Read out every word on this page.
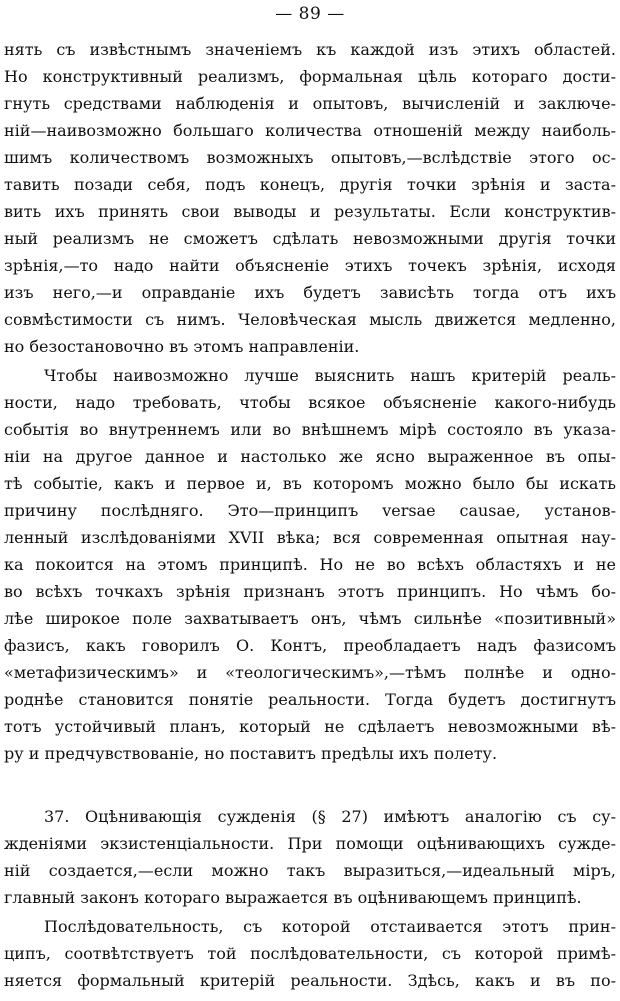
— 89 —
нять съ извѣстнымъ значеніемъ къ каждой изъ этихъ областей.
Но конструктивный реализмъ, формальная цѣль котораго дости-
гнуть средствами наблюденія и опытовъ, вычисленій и заключе-
ній—наивозможно большаго количества отношеній между наиболь-
шимъ количествомъ возможныхъ опытовъ,—вслѣдствіе этого ос-
тавить позади себя, подъ конецъ, другія точки зрѣнія и застa-
вить ихъ принять свои выводы и результаты. Если конструктив-
ный реализмъ не сможетъ сдѣлать невозможными другія точки
зрѣнія,—то надо найти объясненіе этихъ точекъ зрѣнія, исходя
изъ него,—и оправданіе ихъ будетъ зависѣть тогда отъ ихъ
совмѣстимости съ нимъ. Человѣческая мысль движется медленно,
но безостановочно въ этомъ направленіи.
Чтобы наивозможно лучше выяснить нашъ критерій реаль-
ности, надо требовать, чтобы всякое объясненіе какого-нибудь
событія во внутреннемъ или во внѣшнемъ мірѣ состояло въ указа-
ніи на другое данное и настолько же ясно выраженное въ опы-
тѣ событіе, какъ и первое и, въ которомъ можно было бы искать
причину послѣдняго. Это—принципъ versae causae, установ-
ленный изслѣдованіями XVII вѣка; вся современная опытная нау-
ка покоится на этомъ принципѣ. Но не во всѣхъ областяхъ и не
во всѣхъ точкахъ зрѣнія признанъ этотъ принципъ. Но чѣмъ бо-
лѣе широкое поле захватываетъ онъ, чѣмъ сильнѣе «позитивный»
фазисъ, какъ говорилъ О. Контъ, преобладаетъ надъ фазисомъ
«метафизическимъ» и «теологическимъ»,—тѣмъ полнѣе и одно-
роднѣе становится понятіе реальности. Тогда будетъ достигнутъ
тотъ устойчивый планъ, который не сдѣлаетъ невозможными вѣ-
ру и предчувствованіе, но поставитъ предѣлы ихъ полету.
37. Оцѣнивающія сужденія (§ 27) имѣютъ аналогію съ су-
жденіями экзистенціальности. При помощи оцѣнивающихъ сужде-
ній создается,—если можно такъ выразиться,—идеальный міръ,
главный законъ котораго выражается въ оцѣнивающемъ принципѣ.
Послѣдовательность, съ которой отстаивается этотъ прин-
ципъ, соотвѣтствуетъ той послѣдовательности, съ которой примѣ-
няется формальный критерій реальности. Здѣсь, какъ и въ по-
